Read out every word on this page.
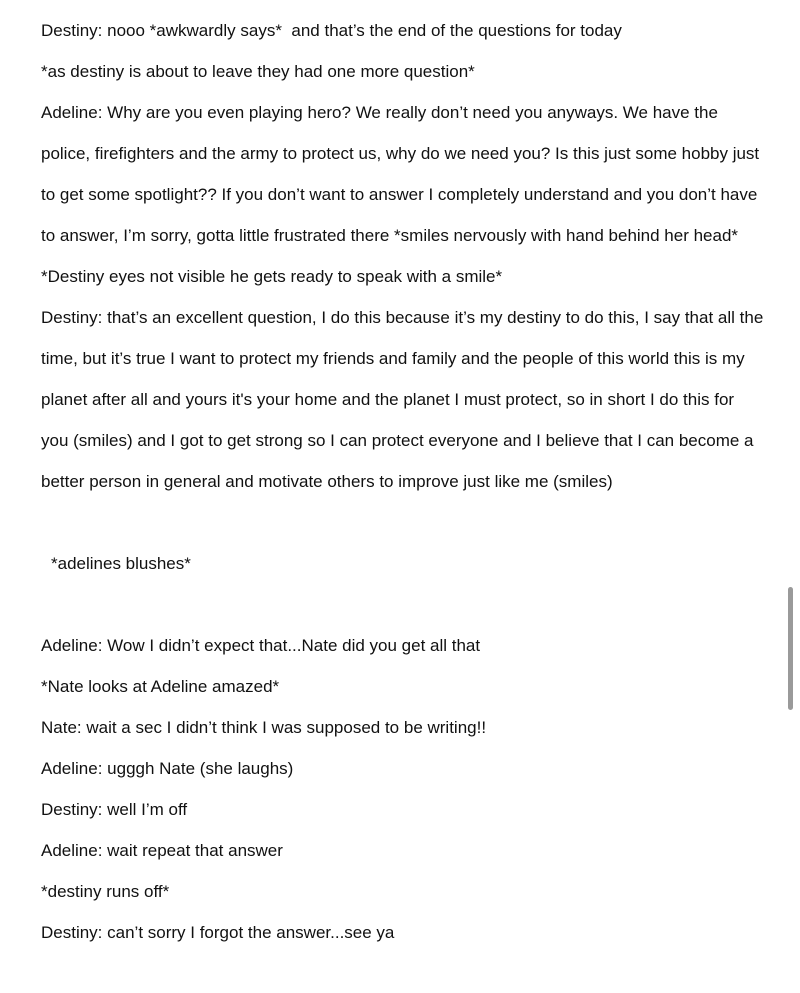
Destiny: nooo *awkwardly says*  and that’s the end of the questions for today
*as destiny is about to leave they had one more question*
Adeline: Why are you even playing hero? We really don’t need you anyways. We have the
police, firefighters and the army to protect us, why do we need you? Is this just some hobby just
to get some spotlight?? If you don’t want to answer I completely understand and you don’t have
to answer, I’m sorry, gotta little frustrated there *smiles nervously with hand behind her head*
*Destiny eyes not visible he gets ready to speak with a smile*
Destiny: that’s an excellent question, I do this because it’s my destiny to do this, I say that all the
time, but it’s true I want to protect my friends and family and the people of this world this is my
planet after all and yours it's your home and the planet I must protect, so in short I do this for
you (smiles) and I got to get strong so I can protect everyone and I believe that I can become a
better person in general and motivate others to improve just like me (smiles)
*adelines blushes*
Adeline: Wow I didn’t expect that...Nate did you get all that
*Nate looks at Adeline amazed*
Nate: wait a sec I didn’t think I was supposed to be writing!!
Adeline: ugggh Nate (she laughs)
Destiny: well I’m off
Adeline: wait repeat that answer
*destiny runs off*
Destiny: can’t sorry I forgot the answer...see ya
